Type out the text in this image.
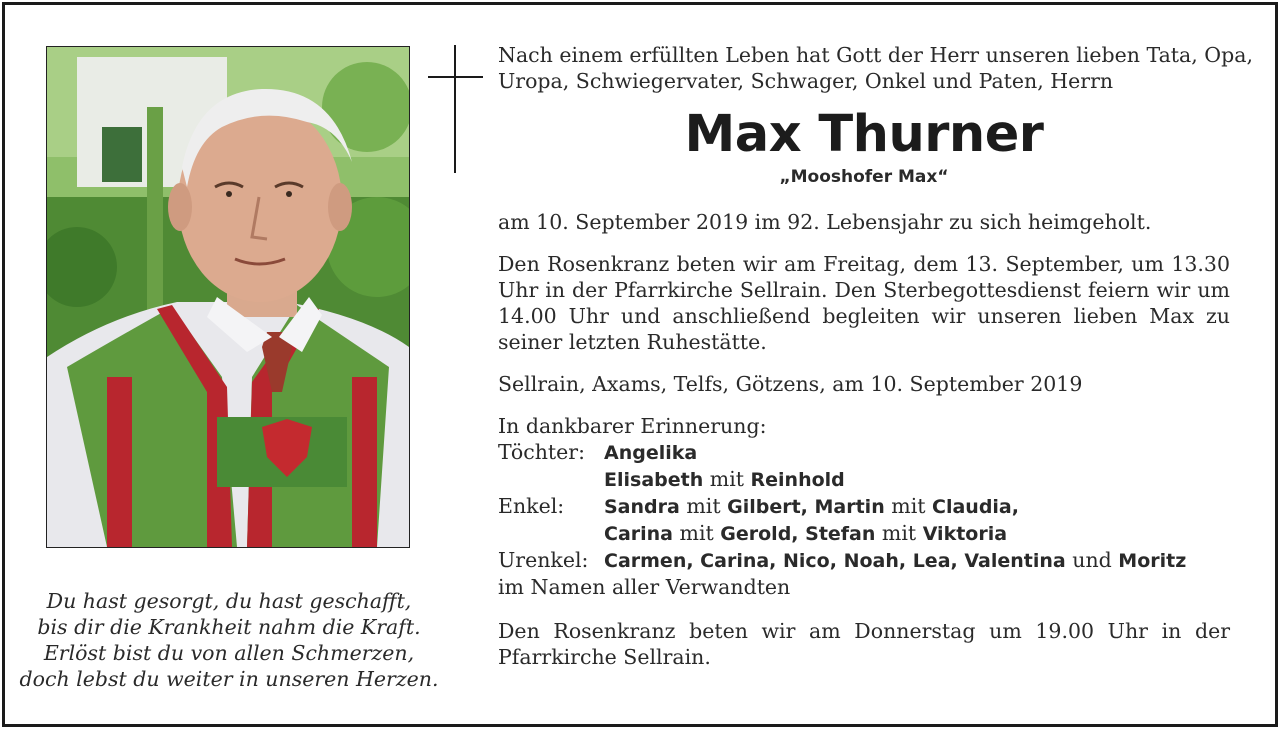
Du hast gesorgt, du hast geschafft,
bis dir die Krankheit nahm die Kraft.
Erlöst bist du von allen Schmerzen,
doch lebst du weiter in unseren Herzen.

Nach einem erfüllten Leben hat Gott der Herr unseren lieben Tata, Opa,

Uropa, Schwiegervater, Schwager, Onkel und Paten, Herrn

Max Thurner

„Mooshofer Max“

am 10. September 2019 im 92. Lebensjahr zu sich heimgeholt.

Den Rosenkranz beten wir am Freitag, dem 13. September, um 13.30 Uhr in der Pfarrkirche Sellrain. Den Sterbegottesdienst feiern wir um 14.00 Uhr und anschließend begleiten wir unseren lieben Max zu seiner letzten Ruhestätte.

Sellrain, Axams, Telfs, Götzens, am 10. September 2019

In dankbarer Erinnerung:

Töchter:	Angelika
Elisabeth mit Reinhold
Enkel:	Sandra mit Gilbert, Martin mit Claudia,
Carina mit Gerold, Stefan mit Viktoria
Urenkel: Carmen, Carina, Nico, Noah, Lea, Valentina und Moritz

im Namen aller Verwandten

Den Rosenkranz beten wir am Donnerstag um 19.00 Uhr in der Pfarrkirche Sellrain.
